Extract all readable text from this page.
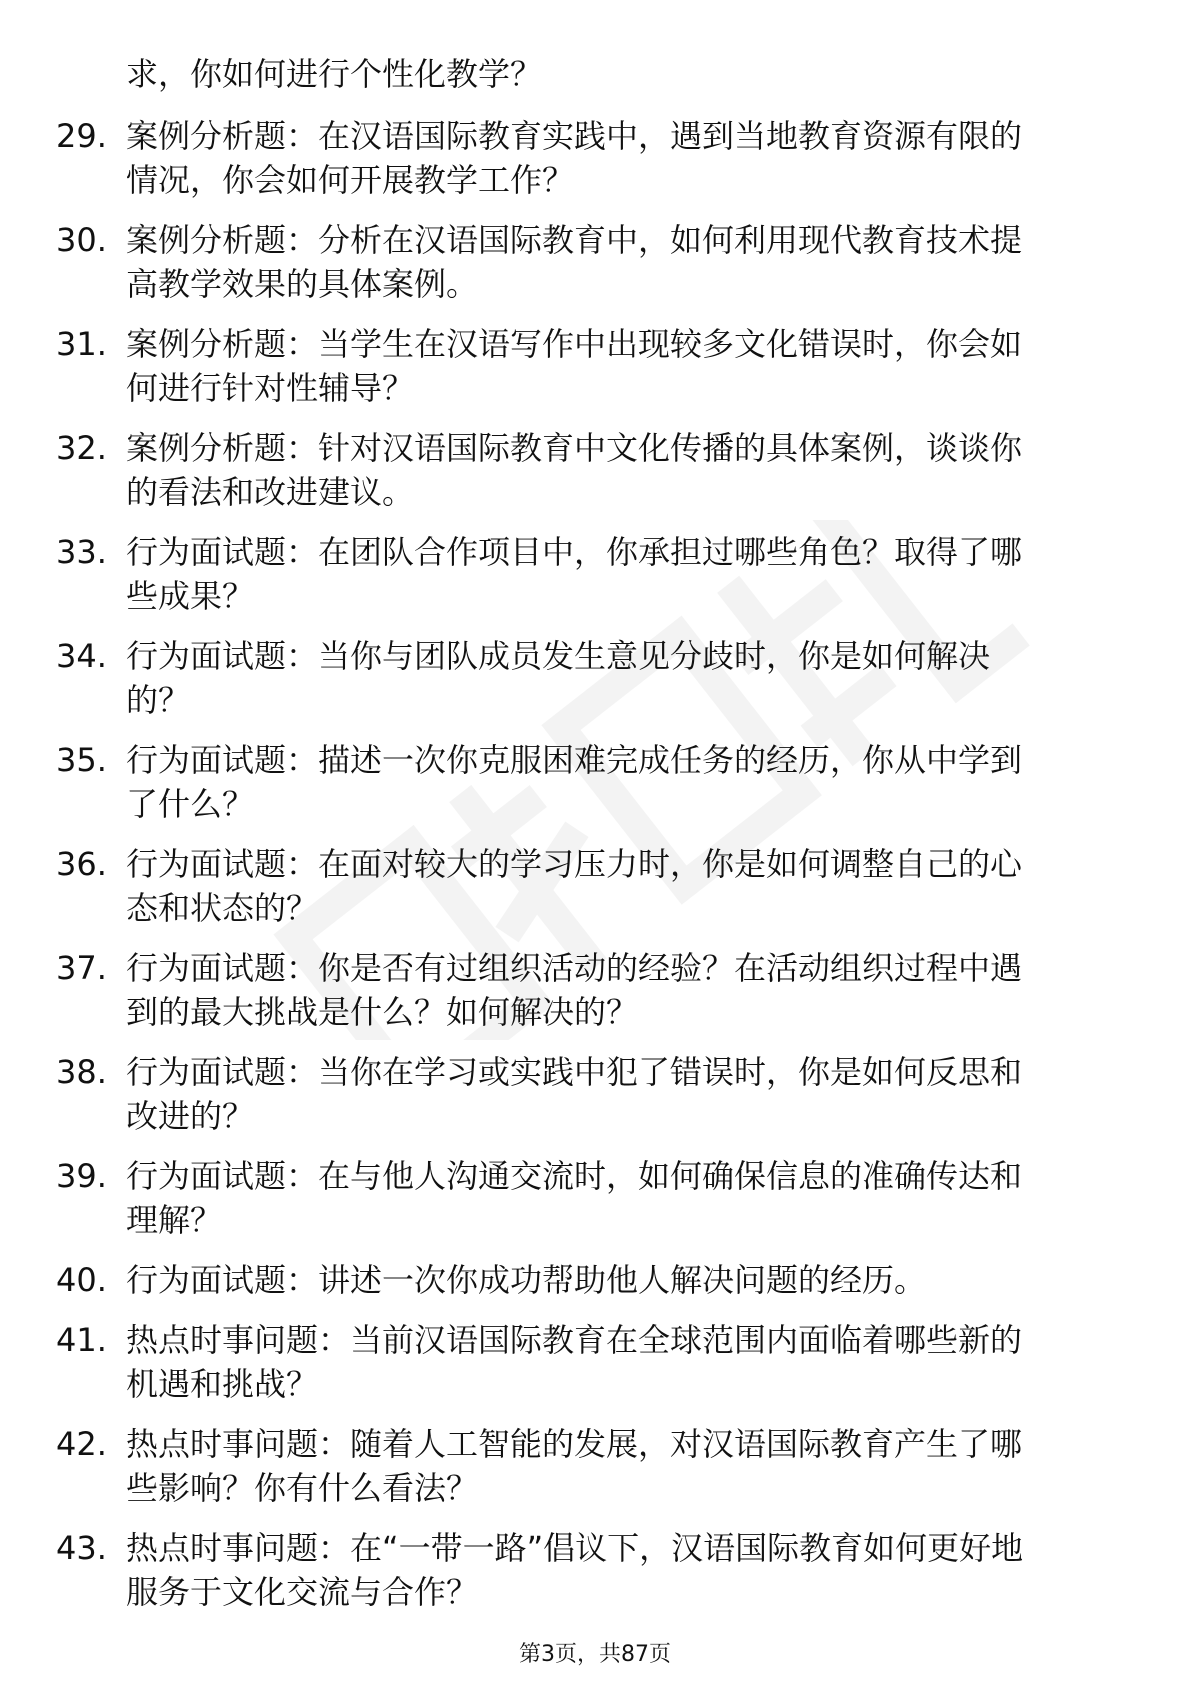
求，你如何进行个性化教学？
29. 案例分析题：在汉语国际教育实践中，遇到当地教育资源有限的
情况，你会如何开展教学工作？
30. 案例分析题：分析在汉语国际教育中，如何利用现代教育技术提
高教学效果的具体案例。
31. 案例分析题：当学生在汉语写作中出现较多文化错误时，你会如
何进行针对性辅导？
32. 案例分析题：针对汉语国际教育中文化传播的具体案例，谈谈你
的看法和改进建议。
33. 行为面试题：在团队合作项目中，你承担过哪些角色？取得了哪
些成果？
34. 行为面试题：当你与团队成员发生意见分歧时，你是如何解决
的？
35. 行为面试题：描述一次你克服困难完成任务的经历，你从中学到
了什么？
36. 行为面试题：在面对较大的学习压力时，你是如何调整自己的心
态和状态的？
37. 行为面试题：你是否有过组织活动的经验？在活动组织过程中遇
到的最大挑战是什么？如何解决的？
38. 行为面试题：当你在学习或实践中犯了错误时，你是如何反思和
改进的？
39. 行为面试题：在与他人沟通交流时，如何确保信息的准确传达和
理解？
40. 行为面试题：讲述一次你成功帮助他人解决问题的经历。
41. 热点时事问题：当前汉语国际教育在全球范围内面临着哪些新的
机遇和挑战？
42. 热点时事问题：随着人工智能的发展，对汉语国际教育产生了哪
些影响？你有什么看法？
43. 热点时事问题：在“一带一路”倡议下，汉语国际教育如何更好地
服务于文化交流与合作？
第3页，共87页
